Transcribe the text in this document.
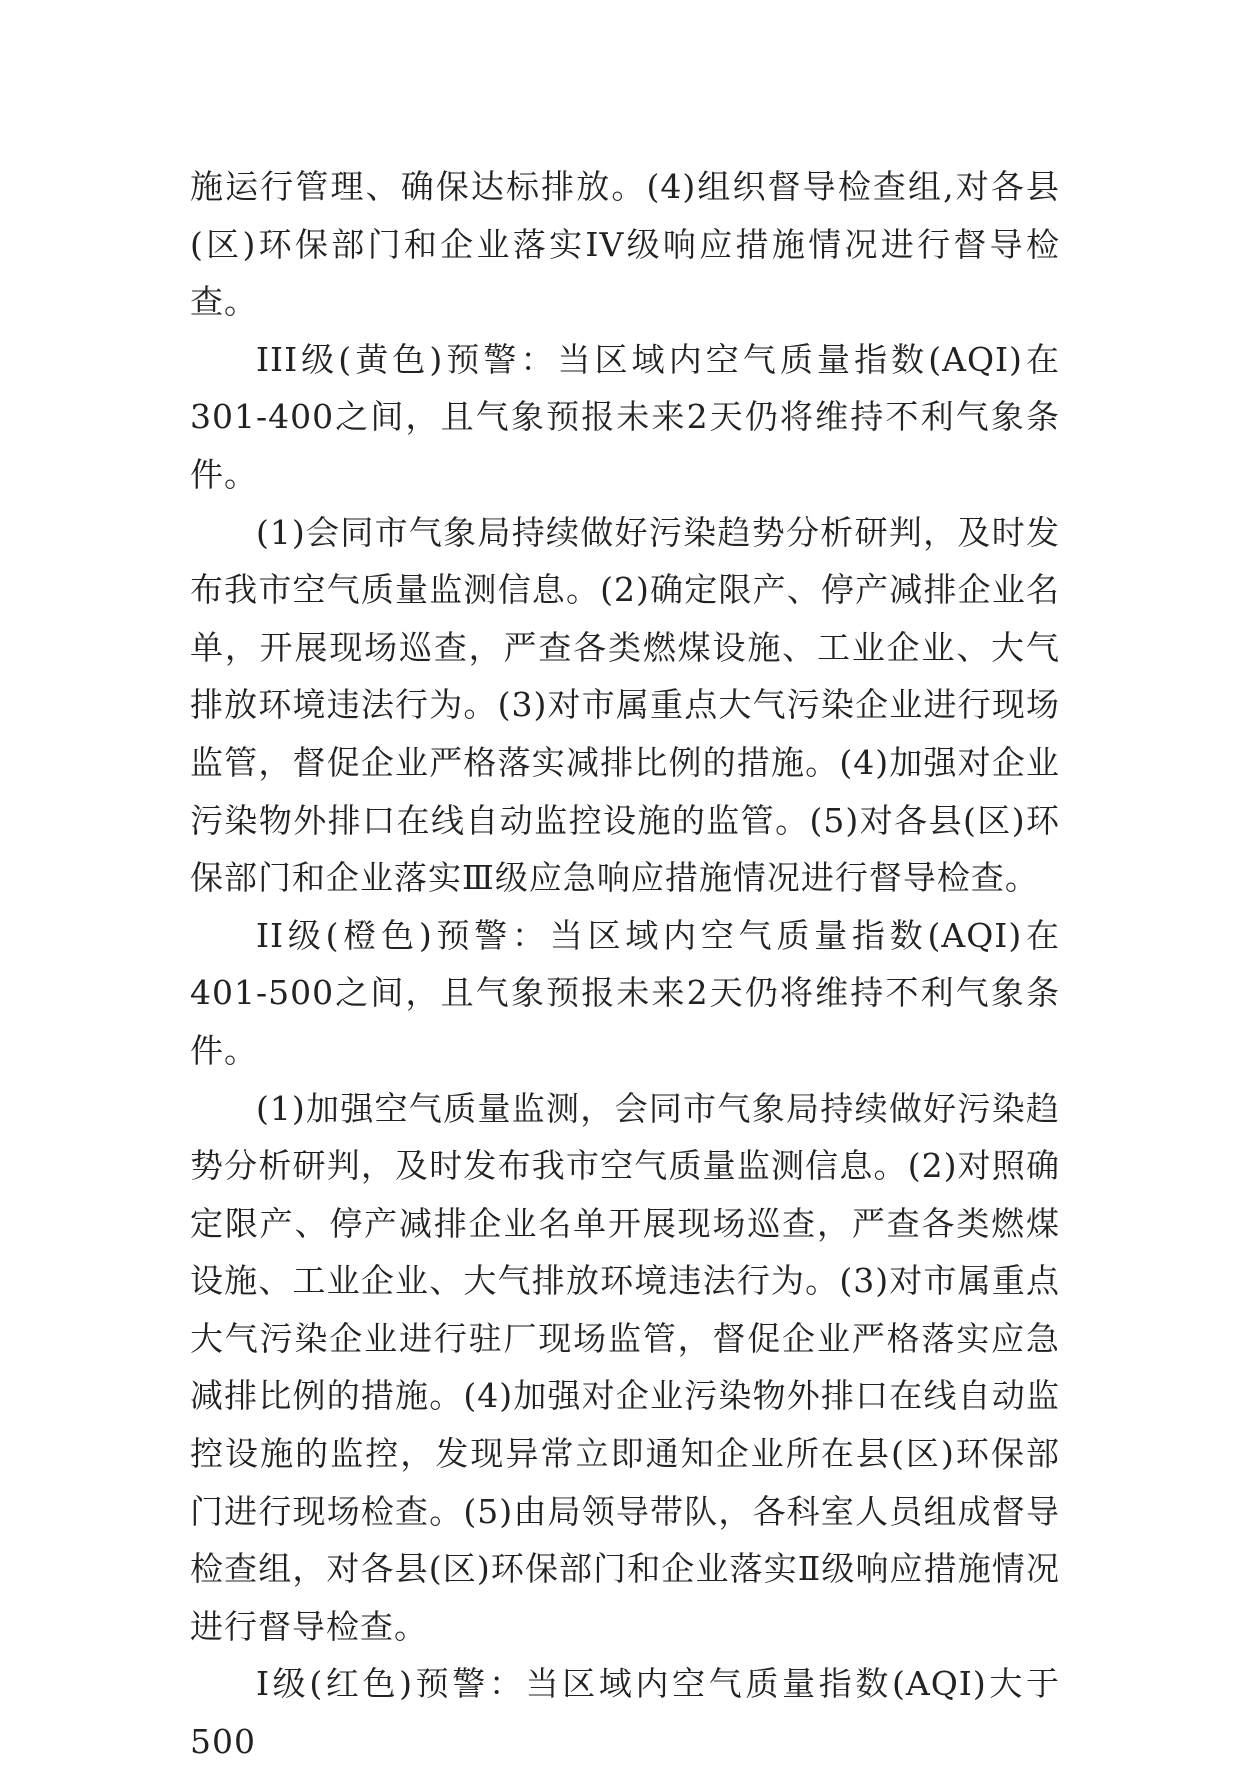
施运行管理、确保达标排放。(4)组织督导检查组,对各县(区)环保部门和企业落实IV级响应措施情况进行督导检查。

III级(黄色)预警：当区域内空气质量指数(AQI)在301-400之间，且气象预报未来2天仍将维持不利气象条件。

(1)会同市气象局持续做好污染趋势分析研判，及时发布我市空气质量监测信息。(2)确定限产、停产减排企业名单，开展现场巡查，严查各类燃煤设施、工业企业、大气排放环境违法行为。(3)对市属重点大气污染企业进行现场监管，督促企业严格落实减排比例的措施。(4)加强对企业污染物外排口在线自动监控设施的监管。(5)对各县(区)环保部门和企业落实Ⅲ级应急响应措施情况进行督导检查。

II级(橙色)预警：当区域内空气质量指数(AQI)在401-500之间，且气象预报未来2天仍将维持不利气象条件。

(1)加强空气质量监测，会同市气象局持续做好污染趋势分析研判，及时发布我市空气质量监测信息。(2)对照确定限产、停产减排企业名单开展现场巡查，严查各类燃煤设施、工业企业、大气排放环境违法行为。(3)对市属重点大气污染企业进行驻厂现场监管，督促企业严格落实应急减排比例的措施。(4)加强对企业污染物外排口在线自动监控设施的监控，发现异常立即通知企业所在县(区)环保部门进行现场检查。(5)由局领导带队，各科室人员组成督导检查组，对各县(区)环保部门和企业落实Ⅱ级响应措施情况进行督导检查。

I级(红色)预警：当区域内空气质量指数(AQI)大于500
